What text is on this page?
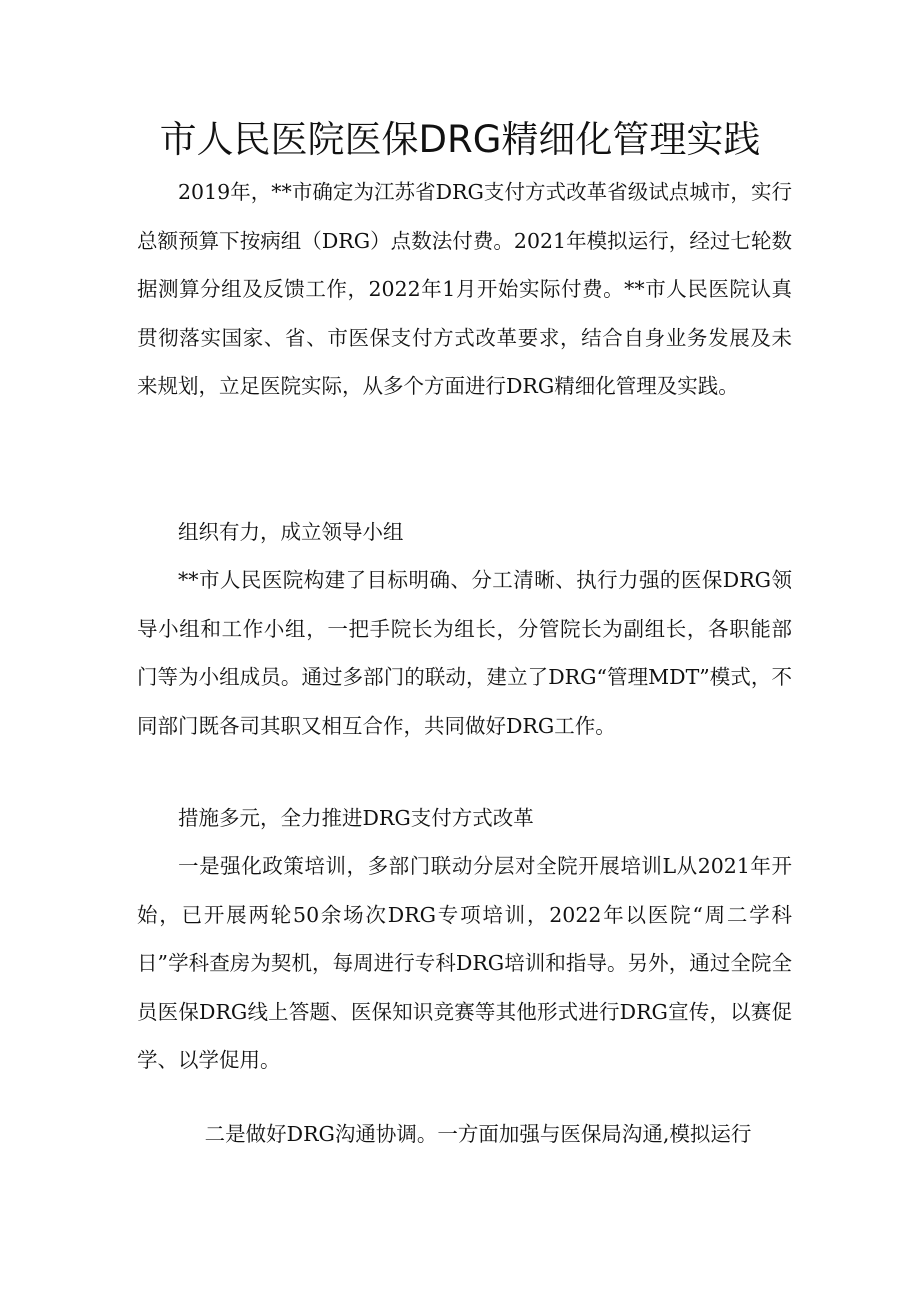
市人民医院医保DRG精细化管理实践

2019年，**市确定为江苏省DRG支付方式改革省级试点城市，实行总额预算下按病组（DRG）点数法付费。2021年模拟运行，经过七轮数据测算分组及反馈工作，2022年1月开始实际付费。**市人民医院认真贯彻落实国家、省、市医保支付方式改革要求，结合自身业务发展及未来规划，立足医院实际，从多个方面进行DRG精细化管理及实践。

组织有力，成立领导小组

**市人民医院构建了目标明确、分工清晰、执行力强的医保DRG领导小组和工作小组，一把手院长为组长，分管院长为副组长，各职能部门等为小组成员。通过多部门的联动，建立了DRG“管理MDT”模式，不同部门既各司其职又相互合作，共同做好DRG工作。

措施多元，全力推进DRG支付方式改革

一是强化政策培训，多部门联动分层对全院开展培训L从2021年开始，已开展两轮50余场次DRG专项培训，2022年以医院“周二学科日”学科查房为契机，每周进行专科DRG培训和指导。另外，通过全院全员医保DRG线上答题、医保知识竞赛等其他形式进行DRG宣传，以赛促学、以学促用。

二是做好DRG沟通协调。一方面加强与医保局沟通,模拟运行
